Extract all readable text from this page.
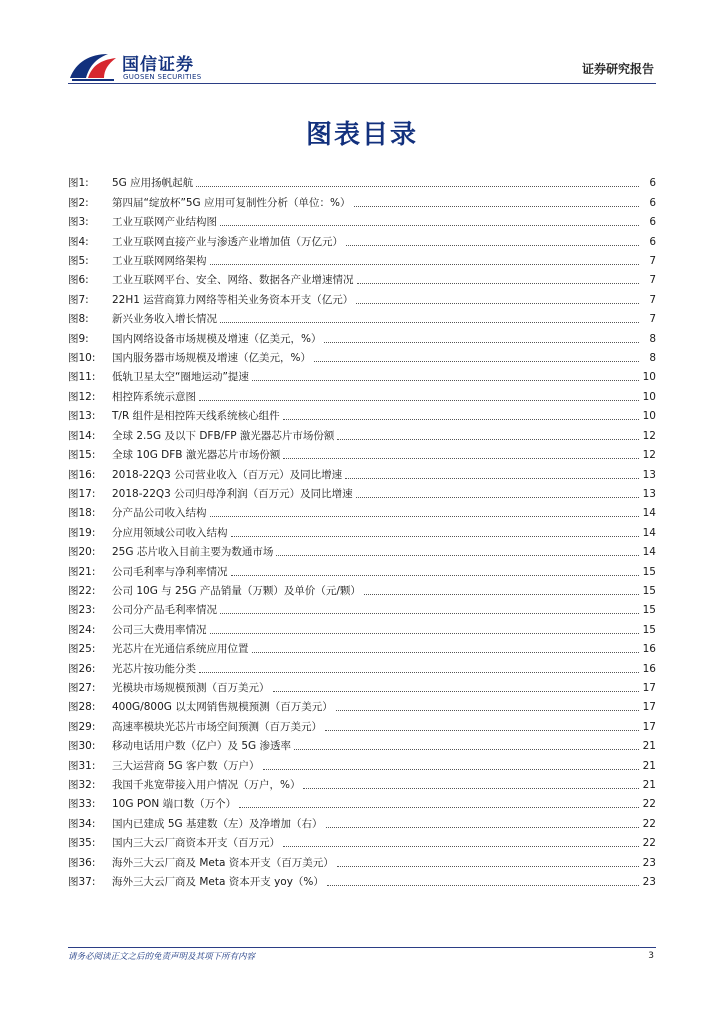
国信证券
GUOSEN SECURITIES
证券研究报告
图表目录
图1:	5G 应用扬帆起航	6
图2:	第四届“绽放杯”5G 应用可复制性分析（单位：%）	6
图3:	工业互联网产业结构图	6
图4:	工业互联网直接产业与渗透产业增加值（万亿元）	6
图5:	工业互联网网络架构	7
图6:	工业互联网平台、安全、网络、数据各产业增速情况	7
图7:	22H1 运营商算力网络等相关业务资本开支（亿元）	7
图8:	新兴业务收入增长情况	7
图9:	国内网络设备市场规模及增速（亿美元，%）	8
图10:	国内服务器市场规模及增速（亿美元，%）	8
图11:	低轨卫星太空“圈地运动”提速	10
图12:	相控阵系统示意图	10
图13:	T/R 组件是相控阵天线系统核心组件	10
图14:	全球 2.5G 及以下 DFB/FP 激光器芯片市场份额	12
图15:	全球 10G DFB 激光器芯片市场份额	12
图16:	2018-22Q3 公司营业收入（百万元）及同比增速	13
图17:	2018-22Q3 公司归母净利润（百万元）及同比增速	13
图18:	分产品公司收入结构	14
图19:	分应用领域公司收入结构	14
图20:	25G 芯片收入目前主要为数通市场	14
图21:	公司毛利率与净利率情况	15
图22:	公司 10G 与 25G 产品销量（万颗）及单价（元/颗）	15
图23:	公司分产品毛利率情况	15
图24:	公司三大费用率情况	15
图25:	光芯片在光通信系统应用位置	16
图26:	光芯片按功能分类	16
图27:	光模块市场规模预测（百万美元）	17
图28:	400G/800G 以太网销售规模预测（百万美元）	17
图29:	高速率模块光芯片市场空间预测（百万美元）	17
图30:	移动电话用户数（亿户）及 5G 渗透率	21
图31:	三大运营商 5G 客户数（万户）	21
图32:	我国千兆宽带接入用户情况（万户，%）	21
图33:	10G PON 端口数（万个）	22
图34:	国内已建成 5G 基建数（左）及净增加（右）	22
图35:	国内三大云厂商资本开支（百万元）	22
图36:	海外三大云厂商及 Meta 资本开支（百万美元）	23
图37:	海外三大云厂商及 Meta 资本开支 yoy（%）	23
请务必阅读正文之后的免责声明及其项下所有内容	3
